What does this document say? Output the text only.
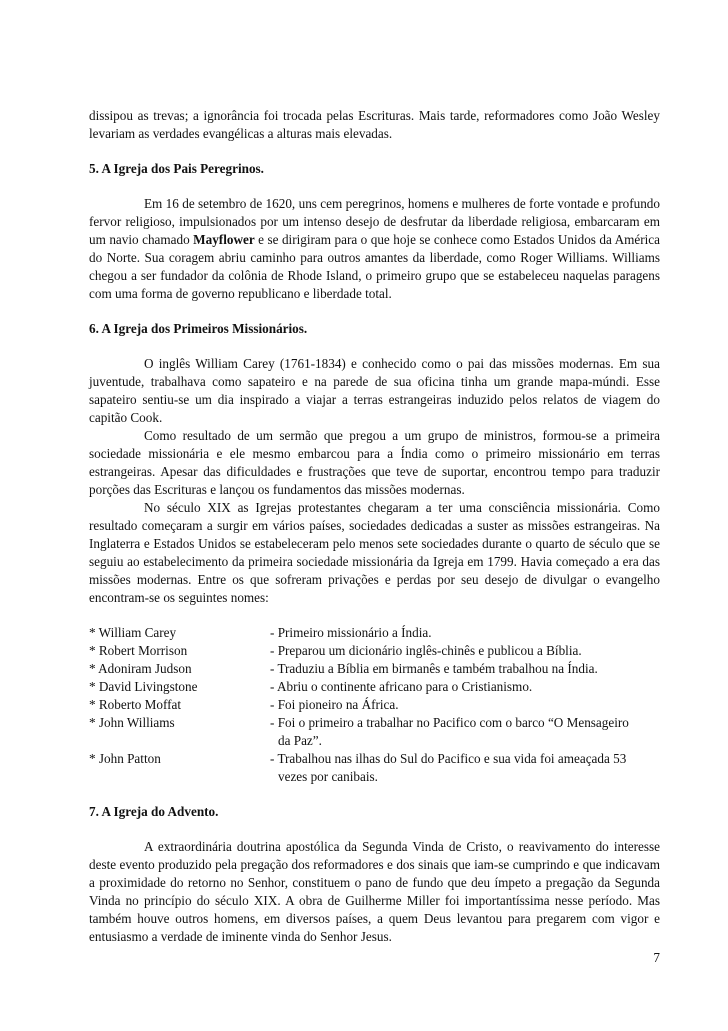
dissipou as trevas; a ignorância foi trocada pelas Escrituras. Mais tarde, reformadores como João Wesley levariam as verdades evangélicas a alturas mais elevadas.

5. A Igreja dos Pais Peregrinos.

Em 16 de setembro de 1620, uns cem peregrinos, homens e mulheres de forte vontade e profundo fervor religioso, impulsionados por um intenso desejo de desfrutar da liberdade religiosa, embarcaram em um navio chamado Mayflower e se dirigiram para o que hoje se conhece como Estados Unidos da América do Norte. Sua coragem abriu caminho para outros amantes da liberdade, como Roger Williams. Williams chegou a ser fundador da colônia de Rhode Island, o primeiro grupo que se estabeleceu naquelas paragens com uma forma de governo republicano e liberdade total.

6. A Igreja dos Primeiros Missionários.

O inglês William Carey (1761-1834) e conhecido como o pai das missões modernas. Em sua juventude, trabalhava como sapateiro e na parede de sua oficina tinha um grande mapa-múndi. Esse sapateiro sentiu-se um dia inspirado a viajar a terras estrangeiras induzido pelos relatos de viagem do capitão Cook.

Como resultado de um sermão que pregou a um grupo de ministros, formou-se a primeira sociedade missionária e ele mesmo embarcou para a Índia como o primeiro missionário em terras estrangeiras. Apesar das dificuldades e frustrações que teve de suportar, encontrou tempo para traduzir porções das Escrituras e lançou os fundamentos das missões modernas.

No século XIX as Igrejas protestantes chegaram a ter uma consciência missionária. Como resultado começaram a surgir em vários países, sociedades dedicadas a suster as missões estrangeiras. Na Inglaterra e Estados Unidos se estabeleceram pelo menos sete sociedades durante o quarto de século que se seguiu ao estabelecimento da primeira sociedade missionária da Igreja em 1799. Havia começado a era das missões modernas. Entre os que sofreram privações e perdas por seu desejo de divulgar o evangelho encontram-se os seguintes nomes:

* William Carey	- Primeiro missionário a Índia.
* Robert Morrison	- Preparou um dicionário inglês-chinês e publicou a Bíblia.
* Adoniram Judson	- Traduziu a Bíblia em birmanês e também trabalhou na Índia.
* David Livingstone	- Abriu o continente africano para o Cristianismo.
* Roberto Moffat	- Foi pioneiro na África.
* John Williams	- Foi o primeiro a trabalhar no Pacifico com o barco “O Mensageiro
da Paz”.
* John Patton	- Trabalhou nas ilhas do Sul do Pacifico e sua vida foi ameaçada 53
vezes por canibais.
7. A Igreja do Advento.

A extraordinária doutrina apostólica da Segunda Vinda de Cristo, o reavivamento do interesse deste evento produzido pela pregação dos reformadores e dos sinais que iam-se cumprindo e que indicavam a proximidade do retorno no Senhor, constituem o pano de fundo que deu ímpeto a pregação da Segunda Vinda no princípio do século XIX. A obra de Guilherme Miller foi importantíssima nesse período. Mas também houve outros homens, em diversos países, a quem Deus levantou para pregarem com vigor e entusiasmo a verdade de iminente vinda do Senhor Jesus.

7
